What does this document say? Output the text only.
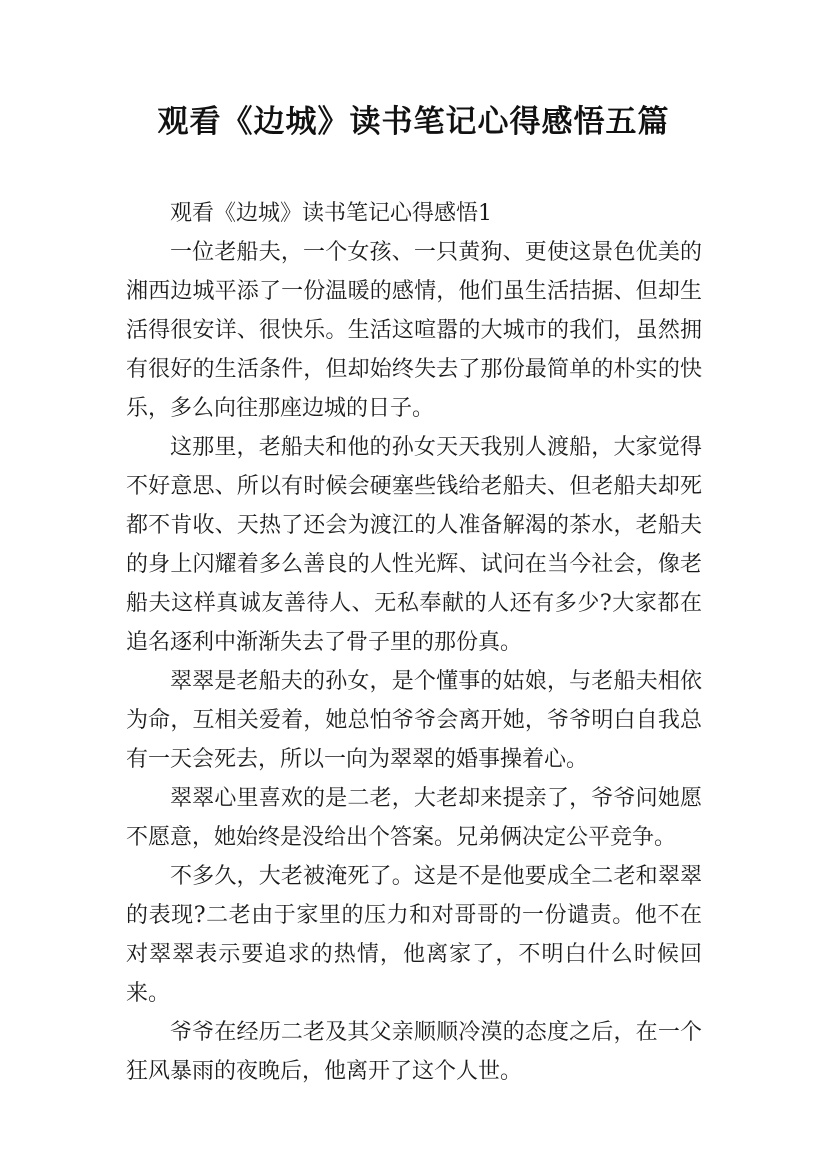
观看《边城》读书笔记心得感悟五篇

观看《边城》读书笔记心得感悟1

一位老船夫，一个女孩、一只黄狗、更使这景色优美的湘西边城平添了一份温暖的感情，他们虽生活拮据、但却生活得很安详、很快乐。生活这喧嚣的大城市的我们，虽然拥有很好的生活条件，但却始终失去了那份最简单的朴实的快乐，多么向往那座边城的日子。

这那里，老船夫和他的孙女天天我别人渡船，大家觉得不好意思、所以有时候会硬塞些钱给老船夫、但老船夫却死都不肯收、天热了还会为渡江的人准备解渴的茶水，老船夫的身上闪耀着多么善良的人性光辉、试问在当今社会，像老船夫这样真诚友善待人、无私奉献的人还有多少?大家都在追名逐利中渐渐失去了骨子里的那份真。

翠翠是老船夫的孙女，是个懂事的姑娘，与老船夫相依为命，互相关爱着，她总怕爷爷会离开她，爷爷明白自我总有一天会死去，所以一向为翠翠的婚事操着心。

翠翠心里喜欢的是二老，大老却来提亲了，爷爷问她愿不愿意，她始终是没给出个答案。兄弟俩决定公平竞争。

不多久，大老被淹死了。这是不是他要成全二老和翠翠的表现?二老由于家里的压力和对哥哥的一份谴责。他不在对翠翠表示要追求的热情，他离家了，不明白什么时候回来。

爷爷在经历二老及其父亲顺顺冷漠的态度之后，在一个狂风暴雨的夜晚后，他离开了这个人世。
